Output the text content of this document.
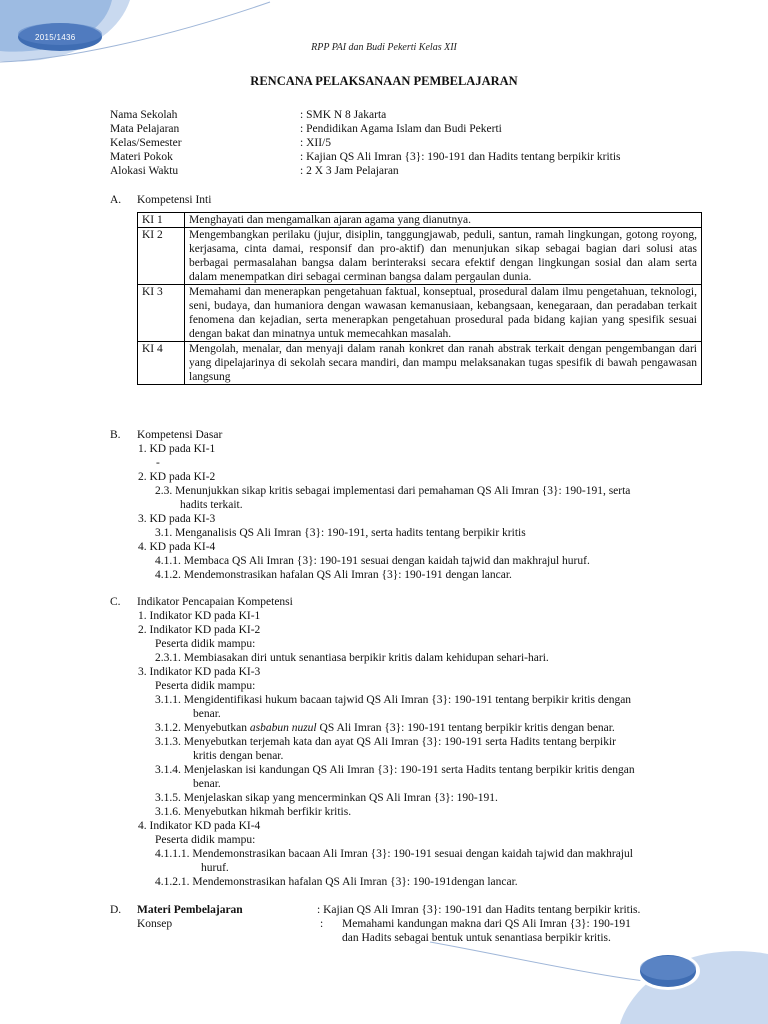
2015/1436
RPP PAI dan Budi Pekerti Kelas XII
RENCANA PELAKSANAAN PEMBELAJARAN
Nama Sekolah	: SMK N 8 Jakarta
Mata Pelajaran	: Pendidikan Agama Islam dan Budi Pekerti
Kelas/Semester	: XII/5
Materi Pokok	: Kajian QS Ali Imran {3}: 190-191 dan Hadits tentang berpikir kritis
Alokasi Waktu	: 2 X 3 Jam Pelajaran
A. Kompetensi Inti
KI 1	Menghayati dan mengamalkan ajaran agama yang dianutnya.
KI 2	Mengembangkan perilaku (jujur, disiplin, tanggungjawab, peduli, santun, ramah lingkungan, gotong royong, kerjasama, cinta damai, responsif dan pro-aktif) dan menunjukan sikap sebagai bagian dari solusi atas berbagai permasalahan bangsa dalam berinteraksi secara efektif dengan lingkungan sosial dan alam serta dalam menempatkan diri sebagai cerminan bangsa dalam pergaulan dunia.
KI 3	Memahami dan menerapkan pengetahuan faktual, konseptual, prosedural dalam ilmu pengetahuan, teknologi, seni, budaya, dan humaniora dengan wawasan kemanusiaan, kebangsaan, kenegaraan, dan peradaban terkait fenomena dan kejadian, serta menerapkan pengetahuan prosedural pada bidang kajian yang spesifik sesuai dengan bakat dan minatnya untuk memecahkan masalah.
KI 4	Mengolah, menalar, dan menyaji dalam ranah konkret dan ranah abstrak terkait dengan pengembangan dari yang dipelajarinya di sekolah secara mandiri, dan mampu melaksanakan tugas spesifik di bawah pengawasan langsung
B. Kompetensi Dasar
1. KD pada KI-1
-
2. KD pada KI-2
2.3. Menunjukkan sikap kritis sebagai implementasi dari pemahaman QS Ali Imran {3}: 190-191, serta
hadits terkait.
3. KD pada KI-3
3.1. Menganalisis QS Ali Imran {3}: 190-191, serta hadits tentang berpikir kritis
4. KD pada KI-4
4.1.1. Membaca QS Ali Imran {3}: 190-191 sesuai dengan kaidah tajwid dan makhrajul huruf.
4.1.2. Mendemonstrasikan hafalan QS Ali Imran {3}: 190-191 dengan lancar.
C. Indikator Pencapaian Kompetensi
1. Indikator KD pada KI-1
2. Indikator KD pada KI-2
Peserta didik mampu:
2.3.1. Membiasakan diri untuk senantiasa berpikir kritis dalam kehidupan sehari-hari.
3. Indikator KD pada KI-3
Peserta didik mampu:
3.1.1. Mengidentifikasi hukum bacaan tajwid QS Ali Imran {3}: 190-191 tentang berpikir kritis dengan
benar.
3.1.2. Menyebutkan asbabun nuzul QS Ali Imran {3}: 190-191 tentang berpikir kritis dengan benar.
3.1.3. Menyebutkan terjemah kata dan ayat QS Ali Imran {3}: 190-191 serta Hadits tentang berpikir
kritis dengan benar.
3.1.4. Menjelaskan isi kandungan QS Ali Imran {3}: 190-191 serta Hadits tentang berpikir kritis dengan
benar.
3.1.5. Menjelaskan sikap yang mencerminkan QS Ali Imran {3}: 190-191.
3.1.6. Menyebutkan hikmah berfikir kritis.
4. Indikator KD pada KI-4
Peserta didik mampu:
4.1.1.1. Mendemonstrasikan bacaan Ali Imran {3}: 190-191 sesuai dengan kaidah tajwid dan makhrajul
huruf.
4.1.2.1. Mendemonstrasikan hafalan QS Ali Imran {3}: 190-191dengan lancar.
D. Materi Pembelajaran	: Kajian QS Ali Imran {3}: 190-191 dan Hadits tentang berpikir kritis.
Konsep	: Memahami kandungan makna dari QS Ali Imran {3}: 190-191
dan Hadits sebagai bentuk untuk senantiasa berpikir kritis.
